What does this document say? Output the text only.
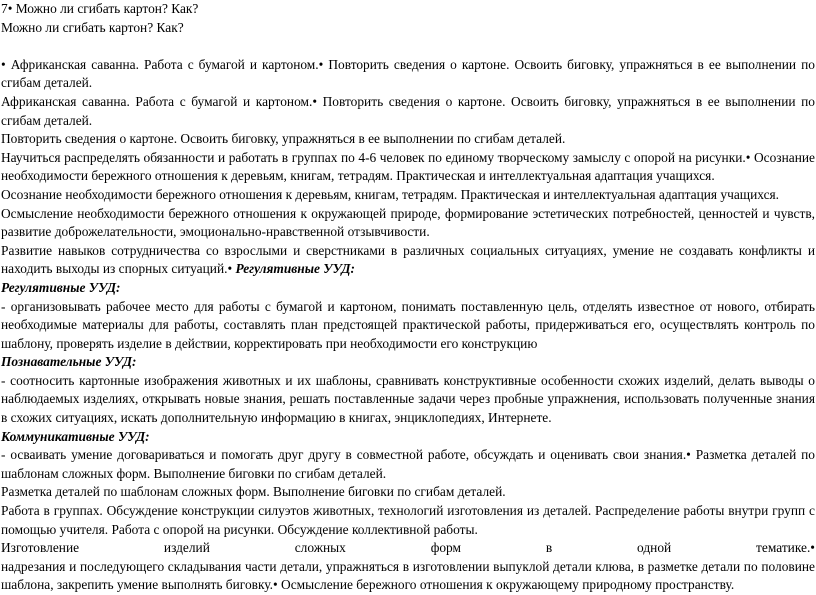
7• Можно ли сгибать картон? Как?

Можно ли сгибать картон? Как?

• Африканская саванна. Работа с бумагой и картоном.• Повторить сведения о картоне. Освоить биговку, упражняться в ее выполнении по сгибам деталей.

Африканская саванна. Работа с бумагой и картоном.• Повторить сведения о картоне. Освоить биговку, упражняться в ее выполнении по сгибам деталей.

Повторить сведения о картоне. Освоить биговку, упражняться в ее выполнении по сгибам деталей.

Научиться распределять обязанности и работать в группах по 4-6 человек по единому творческому замыслу с опорой на рисунки.• Осознание необходимости бережного отношения к деревьям, книгам, тетрадям. Практическая и интеллектуальная адаптация учащихся.

Осознание необходимости бережного отношения к деревьям, книгам, тетрадям. Практическая и интеллектуальная адаптация учащихся.

Осмысление необходимости бережного отношения к окружающей природе, формирование эстетических потребностей, ценностей и чувств, развитие доброжелательности, эмоционально-нравственной отзывчивости.

Развитие навыков сотрудничества со взрослыми и сверстниками в различных социальных ситуациях, умение не создавать конфликты и находить выходы из спорных ситуаций.• Регулятивные УУД:

Регулятивные УУД:

- организовывать рабочее место для работы с бумагой и картоном, понимать поставленную цель, отделять известное от нового, отбирать необходимые материалы для работы, составлять план предстоящей практической работы, придерживаться его, осуществлять контроль по шаблону, проверять изделие в действии, корректировать при необходимости его конструкцию

Познавательные УУД:

- соотносить картонные изображения животных и их шаблоны, сравнивать конструктивные особенности схожих изделий, делать выводы о наблюдаемых изделиях, открывать новые знания, решать поставленные задачи через пробные упражнения, использовать полученные знания в схожих ситуациях, искать дополнительную информацию в книгах, энциклопедиях, Интернете.

Коммуникативные УУД:

- осваивать умение договариваться и помогать друг другу в совместной работе, обсуждать и оценивать свои знания.• Разметка деталей по шаблонам сложных форм. Выполнение биговки по сгибам деталей.

Разметка деталей по шаблонам сложных форм. Выполнение биговки по сгибам деталей.

Работа в группах. Обсуждение конструкции силуэтов животных, технологий изготовления из деталей. Распределение работы внутри групп с помощью учителя. Работа с опорой на рисунки. Обсуждение коллективной работы.

Изготовление	изделий	сложных	форм	в	одной	тематике.•

надрезания и последующего складывания части детали, упражняться в изготовлении выпуклой детали клюва, в разметке детали по половине шаблона, закрепить умение выполнять биговку.• Осмысление бережного отношения к окружающему природному пространству.
